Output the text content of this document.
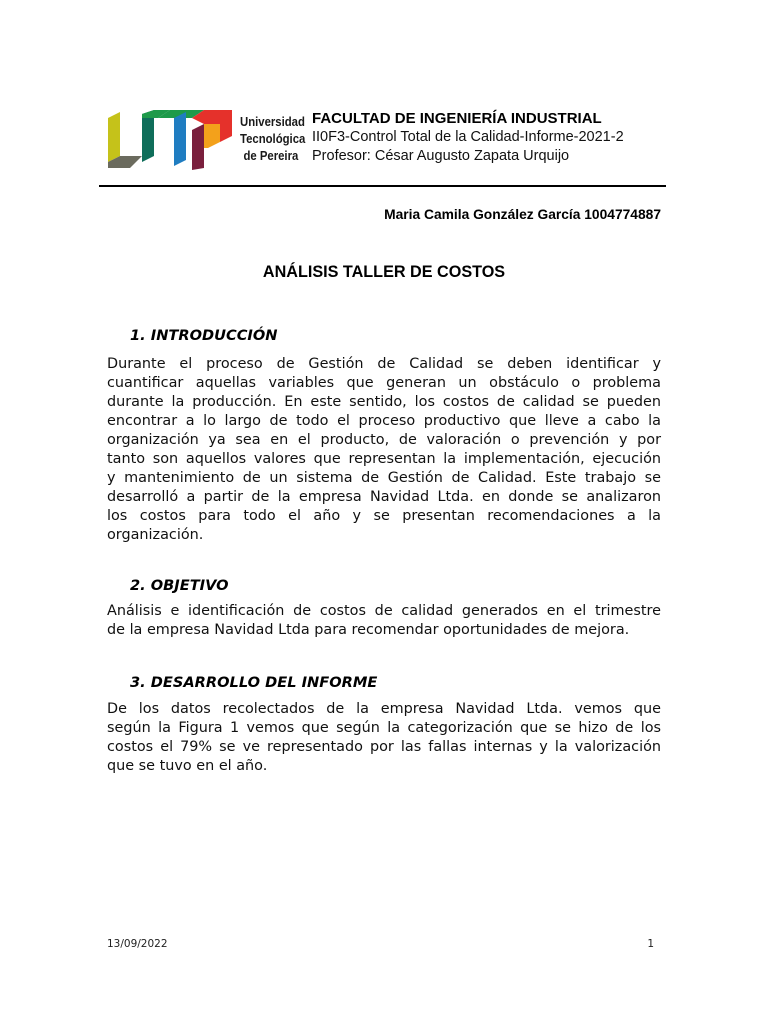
Universidad
Tecnológica
de Pereira
FACULTAD DE INGENIERÍA INDUSTRIAL
II0F3-Control Total de la Calidad-Informe-2021-2
Profesor: César Augusto Zapata Urquijo
Maria Camila González García 1004774887
ANÁLISIS TALLER DE COSTOS
1. INTRODUCCIÓN
Durante el proceso de Gestión de Calidad se deben identificar y
cuantificar aquellas variables que generan un obstáculo o problema
durante la producción. En este sentido, los costos de calidad se pueden
encontrar a lo largo de todo el proceso productivo que lleve a cabo la
organización ya sea en el producto, de valoración o prevención y por
tanto son aquellos valores que representan la implementación, ejecución
y mantenimiento de un sistema de Gestión de Calidad. Este trabajo se
desarrolló a partir de la empresa Navidad Ltda. en donde se analizaron
los costos para todo el año y se presentan recomendaciones a la
organización.
2. OBJETIVO
Análisis e identificación de costos de calidad generados en el trimestre
de la empresa Navidad Ltda para recomendar oportunidades de mejora.
3. DESARROLLO DEL INFORME
De los datos recolectados de la empresa Navidad Ltda. vemos que
según la Figura 1 vemos que según la categorización que se hizo de los
costos el 79% se ve representado por las fallas internas y la valorización
que se tuvo en el año.
13/09/2022	1
